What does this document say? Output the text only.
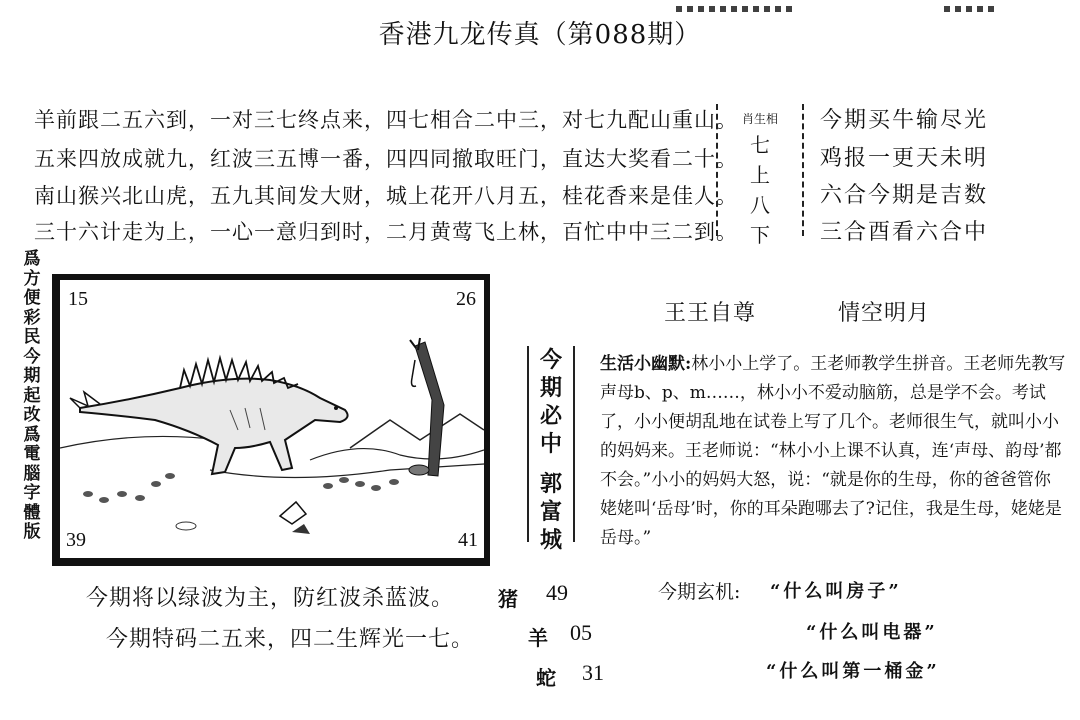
香港九龙传真（第088期）
羊前跟二五六到，一对三七终点来，四七相合二中三，对七九配山重山。
五来四放成就九，红波三五博一番，四四同撤取旺门，直达大奖看二十。
南山猴兴北山虎，五九其间发大财，城上花开八月五，桂花香来是佳人。
三十六计走为上，一心一意归到时，二月黄莺飞上林，百忙中中三二到。
肖生相
七
上
八
下
今期买牛输尽光
鸡报一更天未明
六合今期是吉数
三合酉看六合中
爲方便彩民 今期起改爲電腦字體版
15	26
39	41
王王自尊	情空明月
今
期
必
中
郭
富
城
生活小幽默:林小小上学了。王老师教学生拼音。王老师先教写声母b、p、m……，林小小不爱动脑筋，总是学不会。考试了，小小便胡乱地在试卷上写了几个。老师很生气，就叫小小的妈妈来。王老师说：“林小小上课不认真，连‘声母、韵母’都不会。”小小的妈妈大怒，说：“就是你的生母，你的爸爸管你姥姥叫‘岳母’时，你的耳朵跑哪去了?记住，我是生母，姥姥是岳母。”
今期将以绿波为主，防红波杀蓝波。
今期特码二五来，四二生辉光一七。
猪 49
羊 05
蛇 31
今期玄机: “什么叫房子”
“什么叫电器”
“什么叫第一桶金”
